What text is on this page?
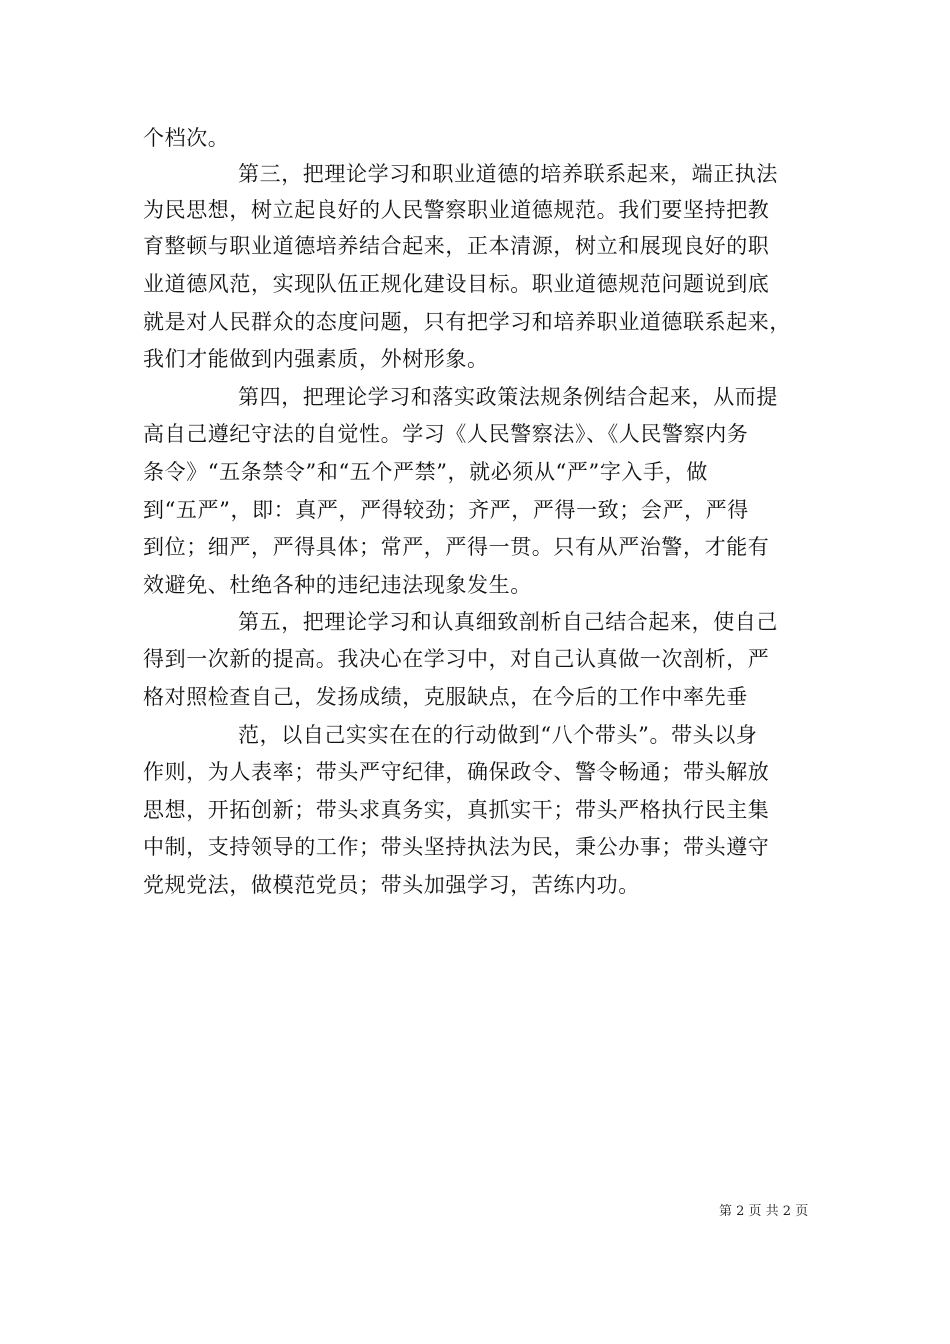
个档次。
第三，把理论学习和职业道德的培养联系起来，端正执法
为民思想，树立起良好的人民警察职业道德规范。我们要坚持把教
育整顿与职业道德培养结合起来，正本清源，树立和展现良好的职
业道德风范，实现队伍正规化建设目标。职业道德规范问题说到底
就是对人民群众的态度问题，只有把学习和培养职业道德联系起来，
我们才能做到内强素质，外树形象。
第四，把理论学习和落实政策法规条例结合起来，从而提
高自己遵纪守法的自觉性。学习《人民警察法》、《人民警察内务
条令》“五条禁令”和“五个严禁”，就必须从“严”字入手，做
到“五严”，即：真严，严得较劲；齐严，严得一致；会严，严得
到位；细严，严得具体；常严，严得一贯。只有从严治警，才能有
效避免、杜绝各种的违纪违法现象发生。
第五，把理论学习和认真细致剖析自己结合起来，使自己
得到一次新的提高。我决心在学习中，对自己认真做一次剖析，严
格对照检查自己，发扬成绩，克服缺点，在今后的工作中率先垂
范，以自己实实在在的行动做到“八个带头”。带头以身
作则，为人表率；带头严守纪律，确保政令、警令畅通；带头解放
思想，开拓创新；带头求真务实，真抓实干；带头严格执行民主集
中制，支持领导的工作；带头坚持执法为民，秉公办事；带头遵守
党规党法，做模范党员；带头加强学习，苦练内功。
第 2 页 共 2 页
